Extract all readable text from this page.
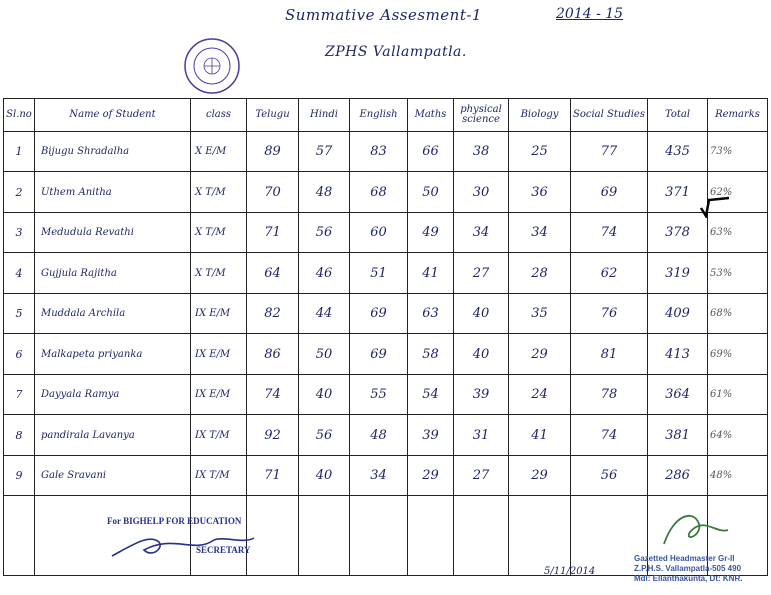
Summative Assesment-1	2014 - 15
ZPHS Vallampatla.
Sl.no	Name of Student	class	Telugu	Hindi	English	Maths	physical science	Biology	Social Studies	Total	Remarks
1	Bijugu Shradalha	X E/M	89	57	83	66	38	25	77	435	73%
2	Uthem Anitha	X T/M	70	48	68	50	30	36	69	371	62%
3	Medudula Revathi	X T/M	71	56	60	49	34	34	74	378	63%
4	Gujjula Rajitha	X T/M	64	46	51	41	27	28	62	319	53%
5	Muddala Archila	IX E/M	82	44	69	63	40	35	76	409	68%
6	Malkapeta priyanka	IX E/M	86	50	69	58	40	29	81	413	69%
7	Dayyala Ramya	IX E/M	74	40	55	54	39	24	78	364	61%
8	pandirala Lavanya	IX T/M	92	56	48	39	31	41	74	381	64%
9	Gale Sravani	IX T/M	71	40	34	29	27	29	56	286	48%

For BIGHELP FOR EDUCATION
SECRETARY
5/11/2014
Gazetted Headmaster Gr-II
Z.P.H.S. Vallampatla-505 490
Mdl: Ellanthakunta, Dt: KNR.
